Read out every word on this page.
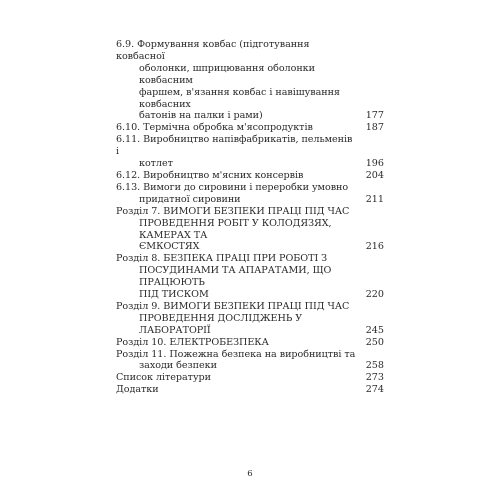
6.9. Формування ковбас (підготування ковбасної
оболонки, шприцювання оболонки ковбасним
фаршем, в'язання ковбас і навішування ковбасних
батонів на палки і рами)	177
6.10. Термічна обробка м'ясопродуктів	187
6.11. Виробництво напівфабрикатів, пельменів і
котлет	196
6.12. Виробництво м'ясних консервів	204
6.13. Вимоги до сировини і переробки умовно
придатної сировини	211
Розділ 7. ВИМОГИ БЕЗПЕКИ ПРАЦІ ПІД ЧАС
ПРОВЕДЕННЯ РОБІТ У КОЛОДЯЗЯХ, КАМЕРАХ ТА
ЄМКОСТЯХ	216
Розділ 8. БЕЗПЕКА ПРАЦІ ПРИ РОБОТІ З
ПОСУДИНАМИ ТА АПАРАТАМИ, ЩО ПРАЦЮЮТЬ
ПІД ТИСКОМ	220
Розділ 9. ВИМОГИ БЕЗПЕКИ ПРАЦІ ПІД ЧАС
ПРОВЕДЕННЯ ДОСЛІДЖЕНЬ У ЛАБОРАТОРІЇ	245
Розділ 10. ЕЛЕКТРОБЕЗПЕКА	250
Розділ 11. Пожежна безпека на виробництві та
заходи безпеки	258
Список літератури	273
Додатки	274
6
